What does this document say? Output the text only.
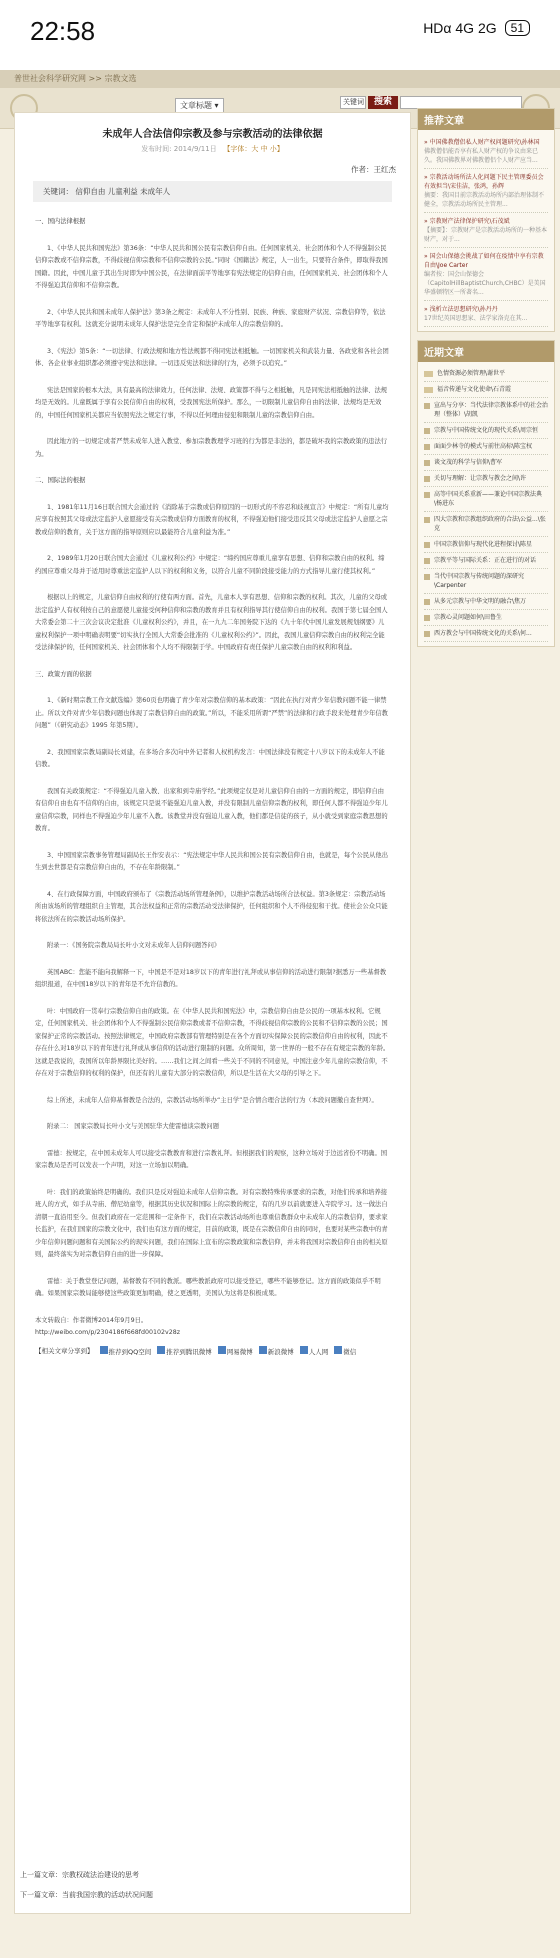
22:58	HDα 4G 2G	51
普世社会科学研究网 >> 宗教文选
文章标题 ▾	关键词	搜索
未成年人合法信仰宗教及参与宗教活动的法律依据
发布时间: 2014/9/11日 【字体：大 中 小】
作者：王红杰
关键词： 信仰自由 儿童利益 未成年人

一、国内法律根据

1、《中华人民共和国宪法》第36条：“中华人民共和国公民有宗教信仰自由。任何国家机关、社会团体和个人不得强制公民信仰宗教或不信仰宗教，不得歧视信仰宗教和不信仰宗教的公民。”同时《国籍法》规定，人一出生，只要符合条件，即取得我国国籍。因此，中国儿童于其出生时即为中国公民，在法律面前平等地享有宪法规定的信仰自由，任何国家机关、社会团体和个人不得强迫其信仰和不信仰宗教。

2、《中华人民共和国未成年人保护法》第3条之规定：未成年人不分性别、民族、种族、家庭财产状况、宗教信仰等，依法平等地享有权利。这就充分说明未成年人保护法是完全肯定和保护未成年人的宗教信仰的。

3、《宪法》第5条：“一切法律、行政法规和地方性法规都不得同宪法相抵触。一切国家机关和武装力量、各政党和各社会团体、各企业事业组织都必须遵守宪法和法律。一切违反宪法和法律的行为，必须予以追究。”

宪法是国家的根本大法，具有最高的法律效力，任何法律、法规、政策都不得与之相抵触，凡是同宪法相抵触的法律、法规均是无效的。儿童既属于享有公民信仰自由的权利，受我国宪法所保护。那么，一切限制儿童信仰自由的法律、法规均是无效的，中国任何国家机关都应当依照宪法之规定行事，不得以任何理由侵犯和限制儿童的宗教信仰自由。

因此地方的一切规定或者严禁未成年人进入教堂、参加宗教教理学习班的行为都是非法的，都是破坏我的宗教政策的违法行为。

二、国际法的根据

1、1981年11月16日联合国大会通过的《消除基于宗教或信仰原因的一切形式的不容忍和歧视宣言》中规定：“所有儿童均应享有按照其父母或法定监护人意愿接受有关宗教或信仰方面教育的权利，不得强迫他们接受违反其父母或法定监护人意愿之宗教或信仰的教育，关于这方面的指导原则应以最能符合儿童利益为准。”

2、1989年1月20日联合国大会通过《儿童权利公约》中规定：“缔约国应尊重儿童享有思想、信仰和宗教自由的权利。缔约国应尊重父母并于适用时尊重法定监护人以下的权利和义务，以符合儿童不同阶段接受能力的方式指导儿童行使其权利。”

根据以上的规定，儿童信仰自由权利的行使有两方面。首先，儿童本人享有思想、信仰和宗教的权利。其次，儿童的父母或法定监护人有权利按自己的意愿使儿童接受何种信仰和宗教的教育并且有权利指导其行使信仰自由的权利。我国于第七届全国人大常委会第二十三次会议决定批准《儿童权利公约》，并且，在一九九二年国务院下达的《九十年代中国儿童发展规划纲要》儿童权利保护一项中明确表明要“切实执行全国人大常委会批准的《儿童权利公约》”。因此，我国儿童信仰宗教自由的权利完全能受法律保护的，任何国家机关、社会团体和个人均不得限制于学。中国政府有责任保护儿童宗教自由的权利和利益。

三、政策方面的依据

1、《新时期宗教工作文献选编》第60页也明确了青少年对宗教信仰的基本政策：“因此在执行对青少年信教问题不能一律禁止。所以文件对青少年信教问题也体现了宗教信仰自由的政策。”所以，不能采用所谓“严禁”的法律和行政手段来处理青少年信教问题”（《研究动态》1995 年第5期）。

2、我国国家宗教局副局长刘建，在多场合多次向中外记者和人权机构发言：中国法律没有规定十八岁以下的未成年人不能信教。

我国有关政策规定：“不得强迫儿童入教、出家和到寺庙学经。”此项规定仅是对儿童信仰自由的一方面的规定，即信仰自由有信仰自由也有不信仰的自由，该规定只是说不能强迫儿童入教，并没有限制儿童信仰宗教的权利，即任何人都不得强迫少年儿童信仰宗教，同样也不得强迫少年儿童不入教。该教堂并没有强迫儿童入教，他们都是信徒的孩子，从小就受到家庭宗教思想的教育。

3、中国国家宗教事务管理局副局长王作安表示：“宪法规定中华人民共和国公民有宗教信仰自由，也就是，每个公民从他出生到去世都是有宗教信仰自由的，不存在年龄限制。”

4、在行政保障方面，中国政府颁布了《宗教活动场所管理条例》，以维护宗教活动场所合法权益。第3条规定：宗教活动场所由该场所的管理组织自主管理，其合法权益和正常的宗教活动受法律保护，任何组织和个人不得侵犯和干扰。使社会公众只能将依法所在的宗教活动场所保护。

附录一：《国务院宗教局局长叶小文对未成年人信仰问题答问》

英国ABC：您能不能向我解释一下，中国是不是对18岁以下的青年进行礼拜或从事信仰的活动进行限制?据悉万一些基督教组织报道，在中国18岁以下的青年是不允许信教的。

叶：中国政府一贯奉行宗教信仰自由的政策。在《中华人民共和国宪法》中，宗教信仰自由是公民的一项基本权利。它规定，任何国家机关、社会团体和个人不得强制公民信仰宗教或者不信仰宗教，不得歧视信仰宗教的公民和不信仰宗教的公民；国家保护正常的宗教活动。按照法律规定，中国政府宗教部有管理特别是在各个方面切实保障公民的宗教信仰自由的权利，因此不存在什么对18岁以下的青年进行礼拜或从事信仰的活动进行限制的问题。众所周知，第一世界的一般不存在有规定宗教的年龄。这就是我说的，我国所以年龄界限比美好的。……我们之间之间看一些关于不同的不同意见，中国注意少年儿童的宗教信仰，不存在对于宗教信仰的权利的保护，但还有的儿童有大部分的宗教信仰，所以是生活在大父母的引导之下。

综上所述，未成年人信仰基督教是合法的，宗教活动场所举办“主日学”是合情合理合法的行为（本段问题撤自查世网）。

附录二： 国家宗教局长叶小文与美国驻华大使雷德谈宗教问题

雷德：按规定，在中国未成年人可以接受宗教教育和进行宗教礼拜。但根据我们的观察，这种立场对于边远省份不明确。国家宗教局是否可以发表一个声明，对这一立场加以明确。

叶：我们的政策始终是明确的。我们只是反对强迫未成年人信仰宗教。对有宗教特殊传承要求的宗教，对他们传承和培养接班人的方式，如手从寺庙、僧尼幼童等，根据其历史状况和国际上的宗教的规定，有的几岁以前就要进入寺院学习。这一做法自清朝一直沿用至今。但我们政府在一定范围和一定条件下，我们在宗教活动场所也尊重信教群众中未成年人的宗教信仰，要求家长监护，在我们国家的宗教文化中，我们也有这方面的规定，目前的政策，既是在宗教信仰自由的同时，也要对某些宗教中的青少年信仰问题问题和有关国际公约的现实问题，我们在国际上宣布的宗教政策和宗教信仰，并未将我国对宗教信仰自由的相关原则，最终落实为对宗教信仰自由的进一步保障。

雷德：关于教堂登记问题，基督教有不同的教派。哪些教派政府可以接受登记，哪些不能够登记。这方面的政策似乎不明确。如果国家宗教局能够使这些政策更加明确，使之更透明，美国认为这将是积极成果。

本文转载自：作者微博2014年9月9日。

http://weibo.com/p/2304186f668fd00102v28z

【相关文章分享到】	推荐到QQ空间	推荐到腾讯微博	网易微博	新浪微博	人人网	微信
上一篇文章：宗教权疏法治建设的思考
下一篇文章：当前我国宗教的活动状况问题
推荐文章
» 中国佛教僧侣私人财产权问题研究\孙林国
佛教僧侣能否享有私人财产权的争议由来已久。我国佛教界对佛教僧侣个人财产应当...
» 宗教活动场所法人化问题下民主管理委员会有效担当\宋佳洁，张鸿，孙辉
摘要：我国目前宗教活动场所内部治理体制不健全，宗教活动场所民主管理...
» 宗教财产法律保护研究\石茂斌
【摘要】：宗教财产是宗教活动场所的一种基本财产，对于...
» 国会山保德会挑战了如何在疫情中享有宗教自由\Joe Carter
编者按：国会山保德会（CapitolHillBaptistChurch,CHBC）是美国华盛顿特区一所著名...
» 浅析立法思想研究\孙丹丹
17世纪英国思想家、法学家洛克在其...
近期文章
色情资源必须管理\谢世平
福音传递与文化使命\石青霞
宣出与分享：当代法律宗教体系中的社会治理（整体）\胡凯
宗教与中国传统文化的现代关系\周宗恒
面面少林寺的模式与前往高标\陈宝权
谈文茂的科学与信仰\曹军
关切与理解：让宗教与教会之间\许
高等中国关系重新——兼论中国宗教法典\杨进东
四大宗教和宗教组织政府的合法\公益...\张克
中国宗教信仰与现代化进程探讨\陈星
宗教平等与国际关系：正在进行的对话
当代中国宗教与传统问题的深研究\Carpenter
从多元宗教与中华文明的融合\焦万
宗教心灵问题如何\田鲁生
西方教会与中国传统文化的关系\何...
